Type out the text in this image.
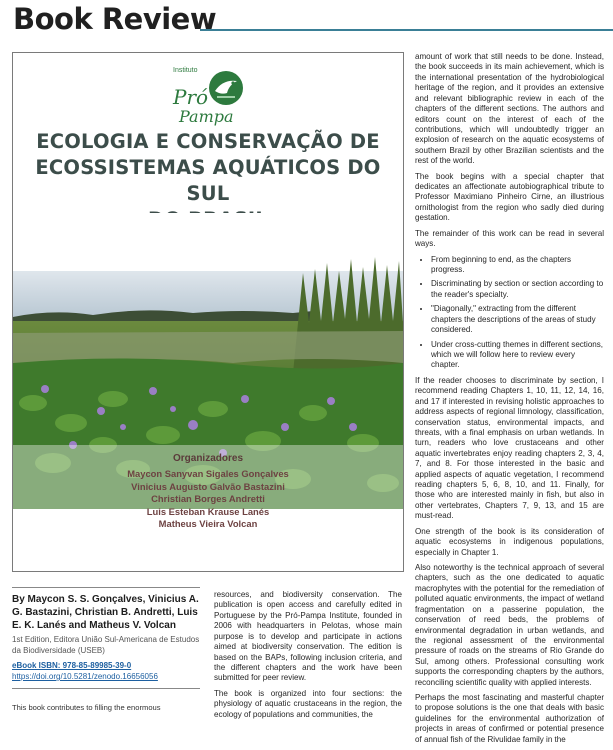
Book Review
Instituto
Pró
Pampa
ECOLOGIA E CONSERVAÇÃO DE
ECOSSISTEMAS AQUÁTICOS DO SUL
Organizadores
Maycon Sanyvan Sigales Gonçalves
Vinicius Augusto Galvão Bastazini
Christian Borges Andretti
Luis Esteban Krause Lanés
Matheus Vieira Volcan
By Maycon S. S. Gonçalves, Vinicius A. G. Bastazini, Christian B. Andretti, Luis E. K. Lanés and Matheus V. Volcan
1st Edition, Editora União Sul-Americana de Estudos da Biodiversidade (USEB)
eBook ISBN: 978-85-89985-39-0
https://doi.org/10.5281/zenodo.16656056
This book contributes to filling the enormous

resources, and biodiversity conservation. The publication is open access and carefully edited in Portuguese by the Pró-Pampa Institute, founded in 2006 with headquarters in Pelotas, whose main purpose is to develop and participate in actions aimed at biodiversity conservation. The edition is based on the BAPs, following inclusion criteria, and the different chapters and the work have been submitted for peer review.

The book is organized into four sections: the physiology of aquatic crustaceans in the region, the ecology of populations and communities, the

amount of work that still needs to be done. Instead, the book succeeds in its main achievement, which is the international presentation of the hydrobiological heritage of the region, and it provides an extensive and relevant bibliographic review in each of the chapters of the different sections. The authors and editors count on the interest of each of the contributions, which will undoubtedly trigger an explosion of research on the aquatic ecosystems of southern Brazil by other Brazilian scientists and the rest of the world.

The book begins with a special chapter that dedicates an affectionate autobiographical tribute to Professor Maximiano Pinheiro Cirne, an illustrious ornithologist from the region who sadly died during gestation.

The remainder of this work can be read in several ways.

• From beginning to end, as the chapters progress.
• Discriminating by section or section according to the reader's specialty.
• "Diagonally," extracting from the different chapters the descriptions of the areas of study considered.
• Under cross-cutting themes in different sections, which we will follow here to review every chapter.

If the reader chooses to discriminate by section, I recommend reading Chapters 1, 10, 11, 12, 14, 16, and 17 if interested in revising holistic approaches to address aspects of regional limnology, classification, conservation status, environmental impacts, and threats, with a final emphasis on urban wetlands. In turn, readers who love crustaceans and other aquatic invertebrates enjoy reading chapters 2, 3, 4, 7, and 8. For those interested in the basic and applied aspects of aquatic vegetation, I recommend reading chapters 5, 6, 8, 10, and 11. Finally, for those who are interested mainly in fish, but also in other vertebrates, Chapters 7, 9, 13, and 15 are must-read.

One strength of the book is its consideration of aquatic ecosystems in indigenous populations, especially in Chapter 1.

Also noteworthy is the technical approach of several chapters, such as the one dedicated to aquatic macrophytes with the potential for the remediation of polluted aquatic environments, the impact of wetland fragmentation on a passerine population, the conservation of reed beds, the problems of environmental degradation in urban wetlands, and the regional assessment of the environmental pressure of roads on the streams of Rio Grande do Sul, among others. Professional consulting work supports the corresponding chapters by the authors, reconciling scientific quality with applied interests.

Perhaps the most fascinating and masterful chapter to propose solutions is the one that deals with basic guidelines for the environmental authorization of projects in areas of confirmed or potential presence of annual fish of the Rivulidae family in the
